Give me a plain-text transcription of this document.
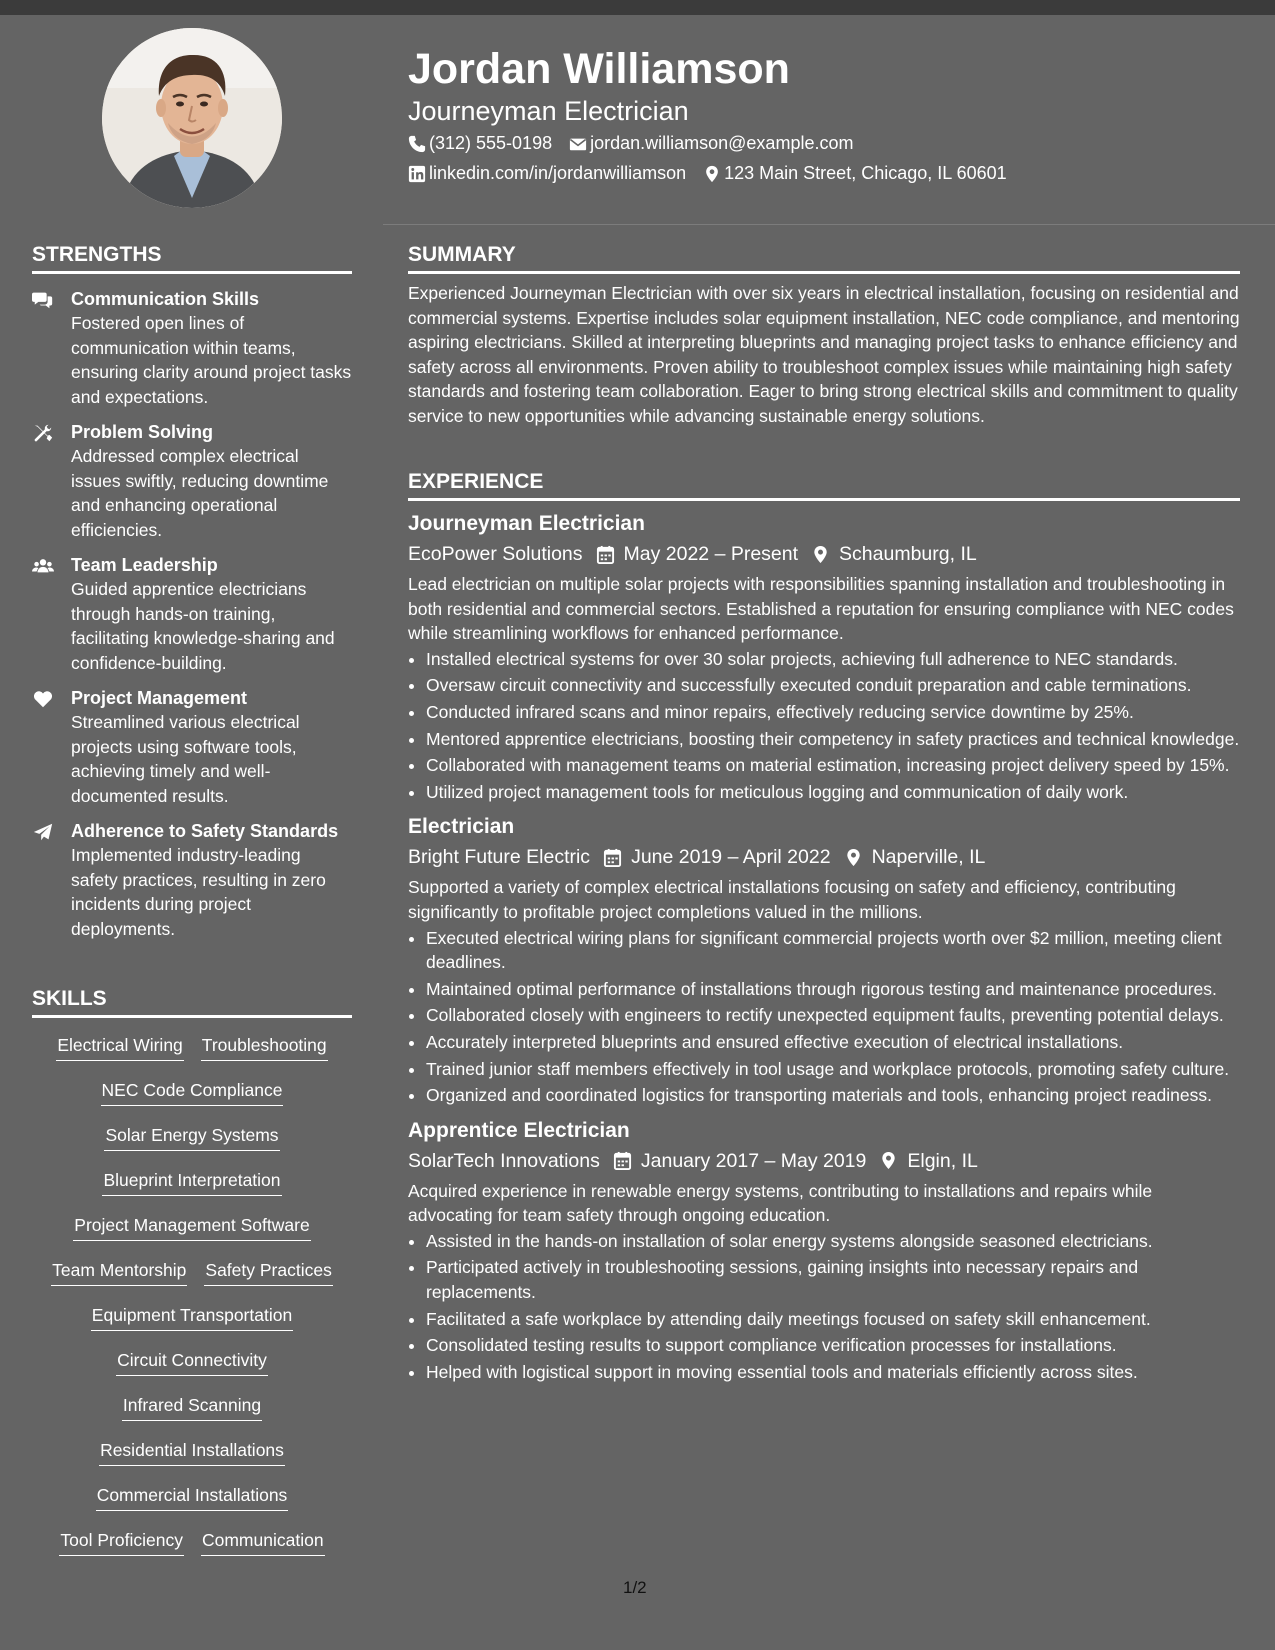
STRENGTHS
Communication Skills
Fostered open lines of communication within teams, ensuring clarity around project tasks and expectations.
Problem Solving
Addressed complex electrical issues swiftly, reducing downtime and enhancing operational efficiencies.
Team Leadership
Guided apprentice electricians through hands-on training, facilitating knowledge-sharing and confidence-building.
Project Management
Streamlined various electrical projects using software tools, achieving timely and well-documented results.
Adherence to Safety Standards
Implemented industry-leading safety practices, resulting in zero incidents during project deployments.
SKILLS
Electrical Wiring Troubleshooting
NEC Code Compliance
Solar Energy Systems
Blueprint Interpretation
Project Management Software
Team Mentorship Safety Practices
Equipment Transportation
Circuit Connectivity
Infrared Scanning
Residential Installations
Commercial Installations
Tool Proficiency Communication
Jordan Williamson
Journeyman Electrician
(312) 555-0198 jordan.williamson@example.com
linkedin.com/in/jordanwilliamson 123 Main Street, Chicago, IL 60601
SUMMARY

Experienced Journeyman Electrician with over six years in electrical installation, focusing on residential and commercial systems. Expertise includes solar equipment installation, NEC code compliance, and mentoring aspiring electricians. Skilled at interpreting blueprints and managing project tasks to enhance efficiency and safety across all environments. Proven ability to troubleshoot complex issues while maintaining high safety standards and fostering team collaboration. Eager to bring strong electrical skills and commitment to quality service to new opportunities while advancing sustainable energy solutions.

EXPERIENCE
Journeyman Electrician
EcoPower Solutions May 2022 – Present Schaumburg, IL

Lead electrician on multiple solar projects with responsibilities spanning installation and troubleshooting in both residential and commercial sectors. Established a reputation for ensuring compliance with NEC codes while streamlining workflows for enhanced performance.

• Installed electrical systems for over 30 solar projects, achieving full adherence to NEC standards.
• Oversaw circuit connectivity and successfully executed conduit preparation and cable terminations.
• Conducted infrared scans and minor repairs, effectively reducing service downtime by 25%.
• Mentored apprentice electricians, boosting their competency in safety practices and technical knowledge.
• Collaborated with management teams on material estimation, increasing project delivery speed by 15%.
• Utilized project management tools for meticulous logging and communication of daily work.
Electrician
Bright Future Electric June 2019 – April 2022 Naperville, IL

Supported a variety of complex electrical installations focusing on safety and efficiency, contributing significantly to profitable project completions valued in the millions.

• Executed electrical wiring plans for significant commercial projects worth over $2 million, meeting client deadlines.
• Maintained optimal performance of installations through rigorous testing and maintenance procedures.
• Collaborated closely with engineers to rectify unexpected equipment faults, preventing potential delays.
• Accurately interpreted blueprints and ensured effective execution of electrical installations.
• Trained junior staff members effectively in tool usage and workplace protocols, promoting safety culture.
• Organized and coordinated logistics for transporting materials and tools, enhancing project readiness.
Apprentice Electrician
SolarTech Innovations January 2017 – May 2019 Elgin, IL

Acquired experience in renewable energy systems, contributing to installations and repairs while advocating for team safety through ongoing education.

• Assisted in the hands-on installation of solar energy systems alongside seasoned electricians.
• Participated actively in troubleshooting sessions, gaining insights into necessary repairs and replacements.
• Facilitated a safe workplace by attending daily meetings focused on safety skill enhancement.
• Consolidated testing results to support compliance verification processes for installations.
• Helped with logistical support in moving essential tools and materials efficiently across sites.
1/2
